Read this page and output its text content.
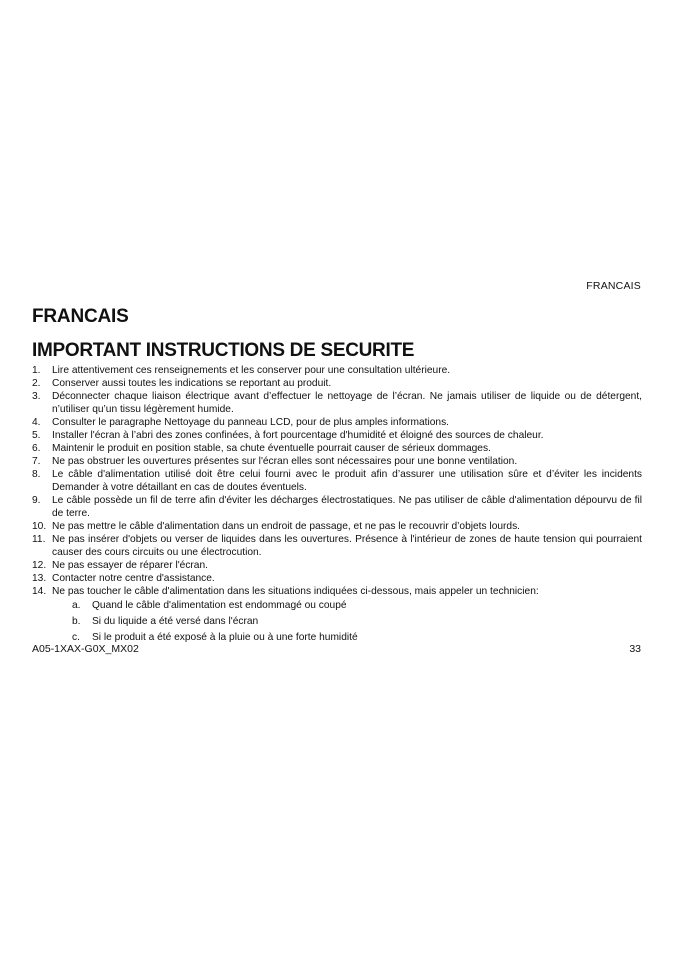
FRANCAIS
FRANCAIS
IMPORTANT INSTRUCTIONS DE SECURITE
1.	Lire attentivement ces renseignements et les conserver pour une consultation ultérieure.
2.	Conserver aussi toutes les indications se reportant au produit.
3.	Déconnecter chaque liaison électrique avant d’effectuer le nettoyage de l’écran. Ne jamais utiliser de liquide ou de détergent, n’utiliser qu’un tissu légèrement humide.
4.	Consulter le paragraphe Nettoyage du panneau LCD, pour de plus amples informations.
5.	Installer l'écran à l’abri des zones confinées, à fort pourcentage d'humidité et éloigné des sources de chaleur.
6.	Maintenir le produit en position stable, sa chute éventuelle pourrait causer de sérieux dommages.
7.	Ne pas obstruer les ouvertures présentes sur l'écran elles sont nécessaires pour une bonne ventilation.
8.	Le câble d'alimentation utilisé doit être celui fourni avec le produit afin d’assurer une utilisation sûre et d’éviter les incidents Demander à votre détaillant en cas de doutes éventuels.
9.	Le câble possède un fil de terre afin d'éviter les décharges électrostatiques. Ne pas utiliser de câble d'alimentation dépourvu de fil de terre.
10. Ne pas mettre le câble d'alimentation dans un endroit de passage, et ne pas le recouvrir d’objets lourds.
11. Ne pas insérer d'objets ou verser de liquides dans les ouvertures. Présence à l'intérieur de zones de haute tension qui pourraient causer des cours circuits ou une électrocution.
12. Ne pas essayer de réparer l'écran.
13. Contacter notre centre d'assistance.
14. Ne pas toucher le câble d'alimentation dans les situations indiquées ci-dessous, mais appeler un technicien:
a.	Quand le câble d'alimentation est endommagé ou coupé
b.	Si du liquide a été versé dans l'écran
c.	Si le produit a été exposé à la pluie ou à une forte humidité
A05-1XAX-G0X_MX02	33
